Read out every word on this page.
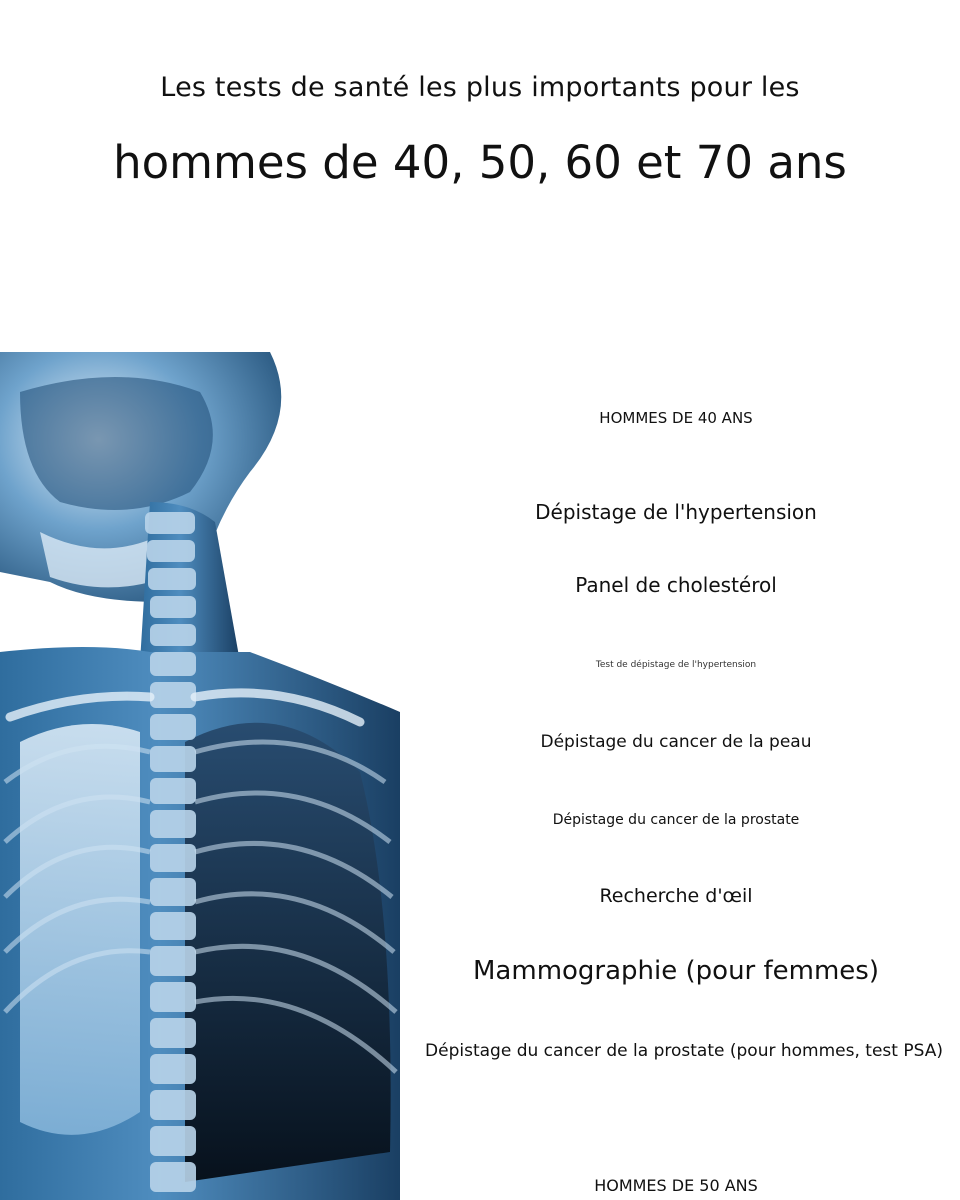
Les tests de santé les plus importants pour les
hommes de 40, 50, 60 et 70 ans
HOMMES DE 40 ANS
Dépistage de l'hypertension
Panel de cholestérol
Test de dépistage de l'hypertension
Dépistage du cancer de la peau
Dépistage du cancer de la prostate
Recherche d'œil
Mammographie (pour femmes)
Dépistage du cancer de la prostate (pour hommes, test PSA)
HOMMES DE 50 ANS
